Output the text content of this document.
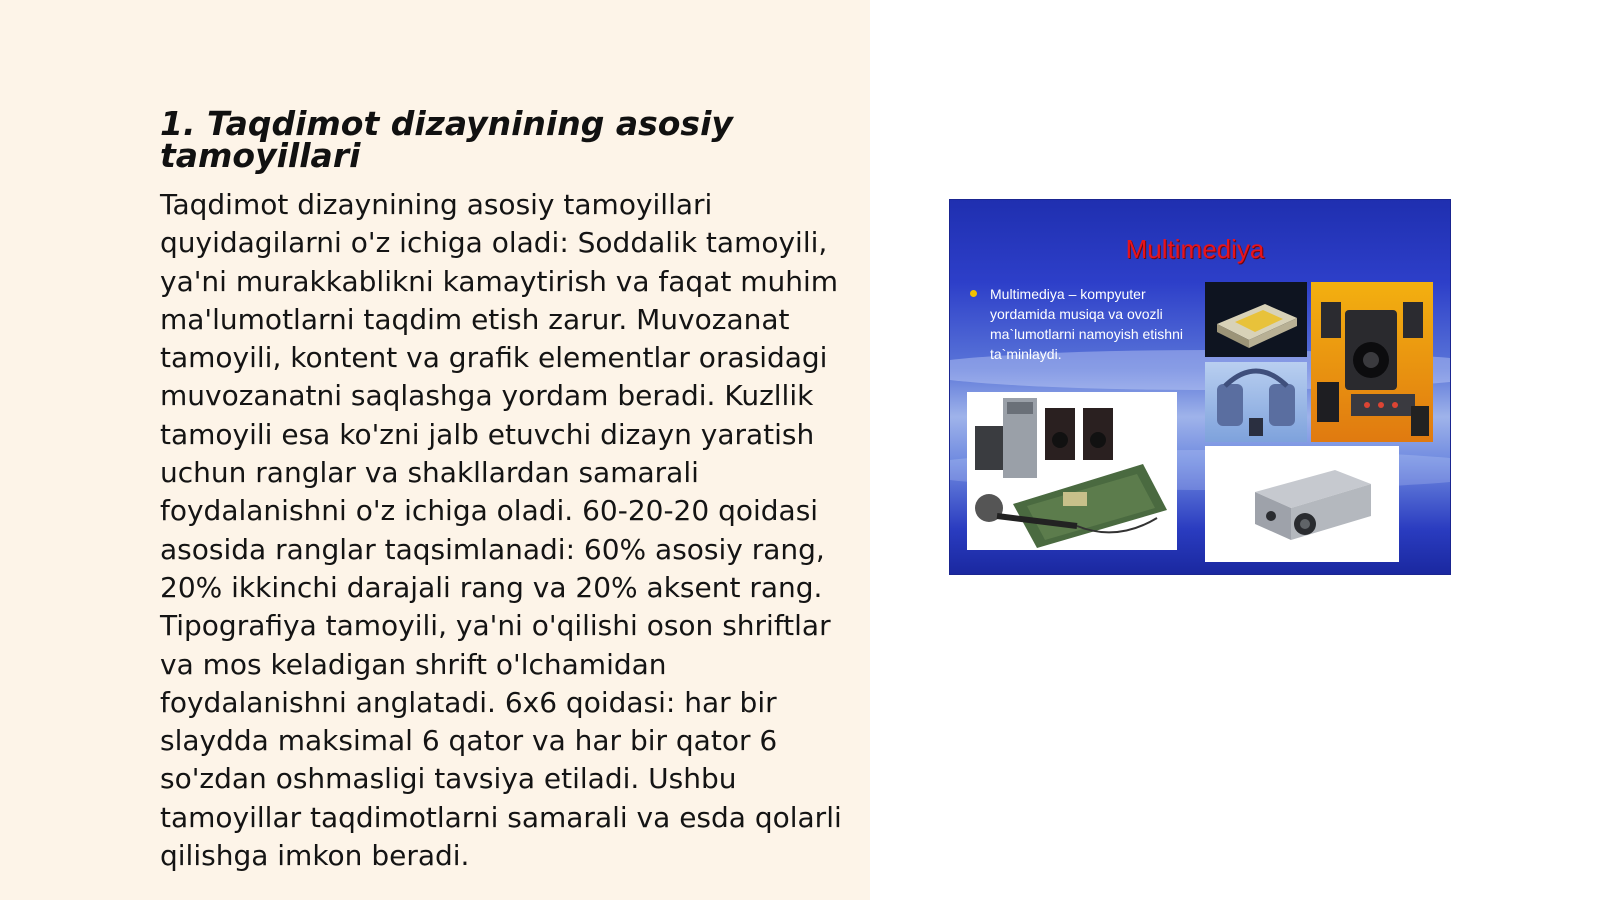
1. Taqdimot dizaynining asosiy tamoyillari

Taqdimot dizaynining asosiy tamoyillari quyidagilarni o'z ichiga oladi: Soddalik tamoyili, ya'ni murakkablikni kamaytirish va faqat muhim ma'lumotlarni taqdim etish zarur. Muvozanat tamoyili, kontent va grafik elementlar orasidagi muvozanatni saqlashga yordam beradi. Kuzllik tamoyili esa ko'zni jalb etuvchi dizayn yaratish uchun ranglar va shakllardan samarali foydalanishni o'z ichiga oladi. 60-20-20 qoidasi asosida ranglar taqsimlanadi: 60% asosiy rang, 20% ikkinchi darajali rang va 20% aksent rang. Tipografiya tamoyili, ya'ni o'qilishi oson shriftlar va mos keladigan shrift o'lchamidan foydalanishni anglatadi. 6x6 qoidasi: har bir slaydda maksimal 6 qator va har bir qator 6 so'zdan oshmasligi tavsiya etiladi. Ushbu tamoyillar taqdimotlarni samarali va esda qolarli qilishga imkon beradi.

Multimediya

Multimediya – kompyuter yordamida musiqa va ovozli ma`lumotlarni namoyish etishni ta`minlaydi.
